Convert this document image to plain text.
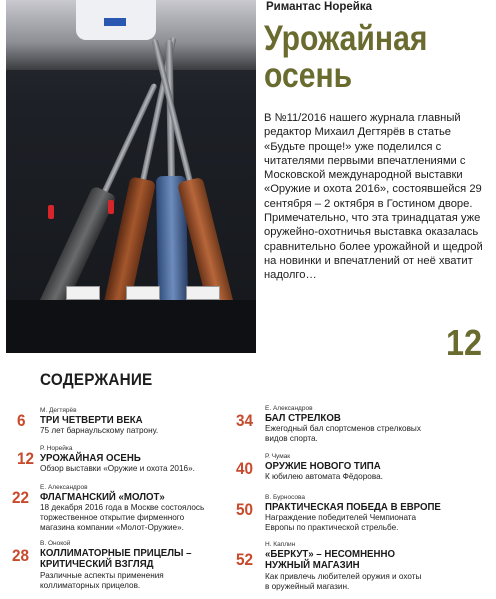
Римантас Норейка
Урожайная
осень
В №11/2016 нашего журнала главный редактор Михаил Дегтярёв в статье «Будьте проще!» уже поделился с читателями первыми впечатлениями с Московской международной выставки «Оружие и охота 2016», состоявшейся 29 сентября – 2 октября в Гостином дворе. Примечательно, что эта тринадцатая уже оружейно-охотничья выставка оказалась сравнительно более урожайной и щедрой на новинки и впечатлений от неё хватит надолго…
12
СОДЕРЖАНИЕ
6
М. Дегтярёв
ТРИ ЧЕТВЕРТИ ВЕКА
75 лет барнаульскому патрону.
12
Р. Норейка
УРОЖАЙНАЯ ОСЕНЬ
Обзор выставки «Оружие и охота 2016».
22
Е. Александров
ФЛАГМАНСКИЙ «МОЛОТ»
18 декабря 2016 года в Москве состоялось
торжественное открытие фирменного
магазина компании «Молот-Оружие».
28
В. Онокой
КОЛЛИМАТОРНЫЕ ПРИЦЕЛЫ –
КРИТИЧЕСКИЙ ВЗГЛЯД
Различные аспекты применения
коллиматорных прицелов.
34
Е. Александров
БАЛ СТРЕЛКОВ
Ежегодный бал спортсменов стрелковых
видов спорта.
40
Р. Чумак
ОРУЖИЕ НОВОГО ТИПА
К юбилею автомата Фёдорова.
50
В. Бурносова
ПРАКТИЧЕСКАЯ ПОБЕДА В ЕВРОПЕ
Награждение победителей Чемпионата
Европы по практической стрельбе.
52
Н. Каплин
«БЕРКУТ» – НЕСОМНЕННО
НУЖНЫЙ МАГАЗИН
Как привлечь любителей оружия и охоты
в оружейный магазин.
